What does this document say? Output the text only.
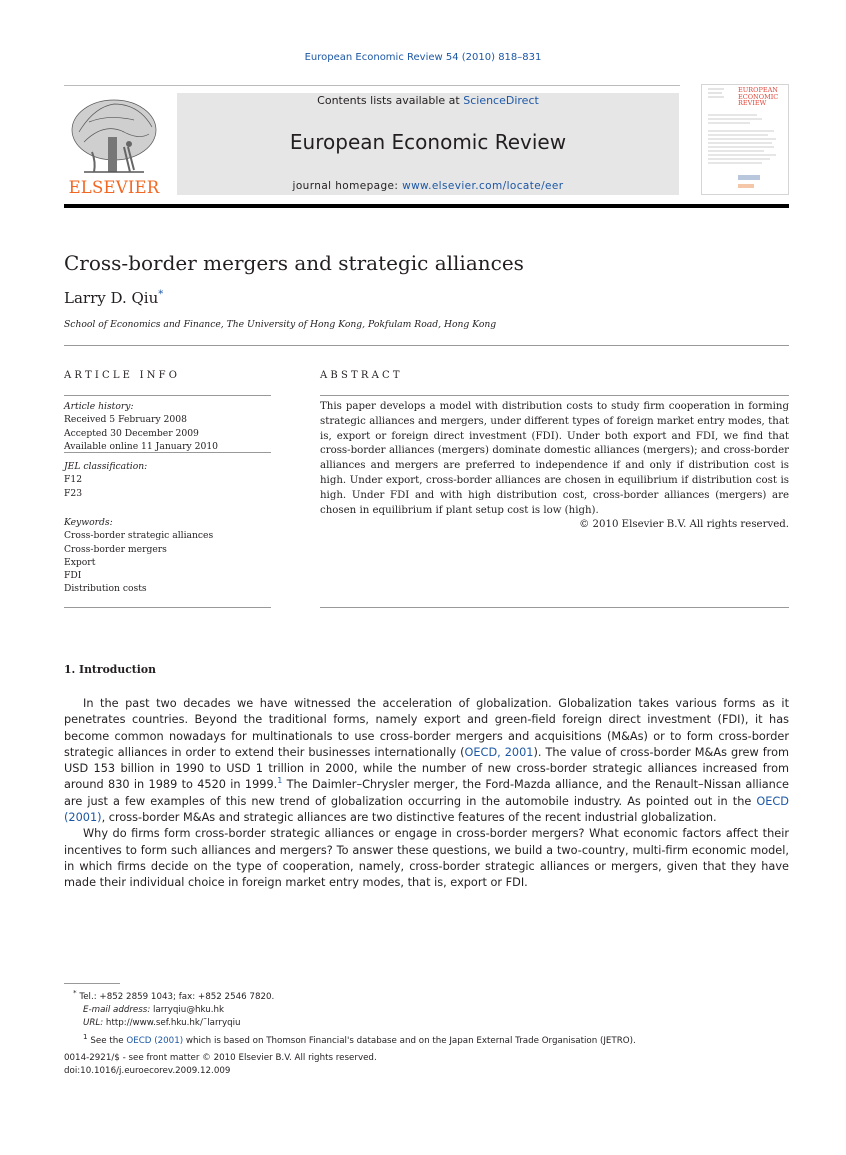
European Economic Review 54 (2010) 818–831
ELSEVIER
Contents lists available at ScienceDirect
European Economic Review
journal homepage: www.elsevier.com/locate/eer
EUROPEAN
ECONOMIC
REVIEW
Cross-border mergers and strategic alliances
Larry D. Qiu*
School of Economics and Finance, The University of Hong Kong, Pokfulam Road, Hong Kong
ARTICLE INFO	ABSTRACT
Article history:
Received 5 February 2008
Accepted 30 December 2009
Available online 11 January 2010
JEL classification:
F12
F23
Keywords:
Cross-border strategic alliances
Cross-border mergers
Export
FDI
Distribution costs
This paper develops a model with distribution costs to study firm cooperation in forming strategic alliances and mergers, under different types of foreign market entry modes, that is, export or foreign direct investment (FDI). Under both export and FDI, we find that cross-border alliances (mergers) dominate domestic alliances (mergers); and cross-border alliances and mergers are preferred to independence if and only if distribution cost is high. Under export, cross-border alliances are chosen in equilibrium if distribution cost is high. Under FDI and with high distribution cost, cross-border alliances (mergers) are chosen in equilibrium if plant setup cost is low (high).
© 2010 Elsevier B.V. All rights reserved.
1. Introduction

In the past two decades we have witnessed the acceleration of globalization. Globalization takes various forms as it penetrates countries. Beyond the traditional forms, namely export and green-field foreign direct investment (FDI), it has become common nowadays for multinationals to use cross-border mergers and acquisitions (M&As) or to form cross-border strategic alliances in order to extend their businesses internationally (OECD, 2001). The value of cross-border M&As grew from USD 153 billion in 1990 to USD 1 trillion in 2000, while the number of new cross-border strategic alliances increased from around 830 in 1989 to 4520 in 1999.$^1$ The Daimler–Chrysler merger, the Ford-Mazda alliance, and the Renault–Nissan alliance are just a few examples of this new trend of globalization occurring in the automobile industry. As pointed out in the OECD (2001), cross-border M&As and strategic alliances are two distinctive features of the recent industrial globalization.

Why do firms form cross-border strategic alliances or engage in cross-border mergers? What economic factors affect their incentives to form such alliances and mergers? To answer these questions, we build a two-country, multi-firm economic model, in which firms decide on the type of cooperation, namely, cross-border strategic alliances or mergers, given that they have made their individual choice in foreign market entry modes, that is, export or FDI.

* Tel.: +852 2859 1043; fax: +852 2546 7820.
E-mail address: larryqiu@hku.hk
URL: http://www.sef.hku.hk/˜larryqiu
$^1$ See the OECD (2001) which is based on Thomson Financial's database and on the Japan External Trade Organisation (JETRO).
0014-2921/$ - see front matter © 2010 Elsevier B.V. All rights reserved.
doi:10.1016/j.euroecorev.2009.12.009
